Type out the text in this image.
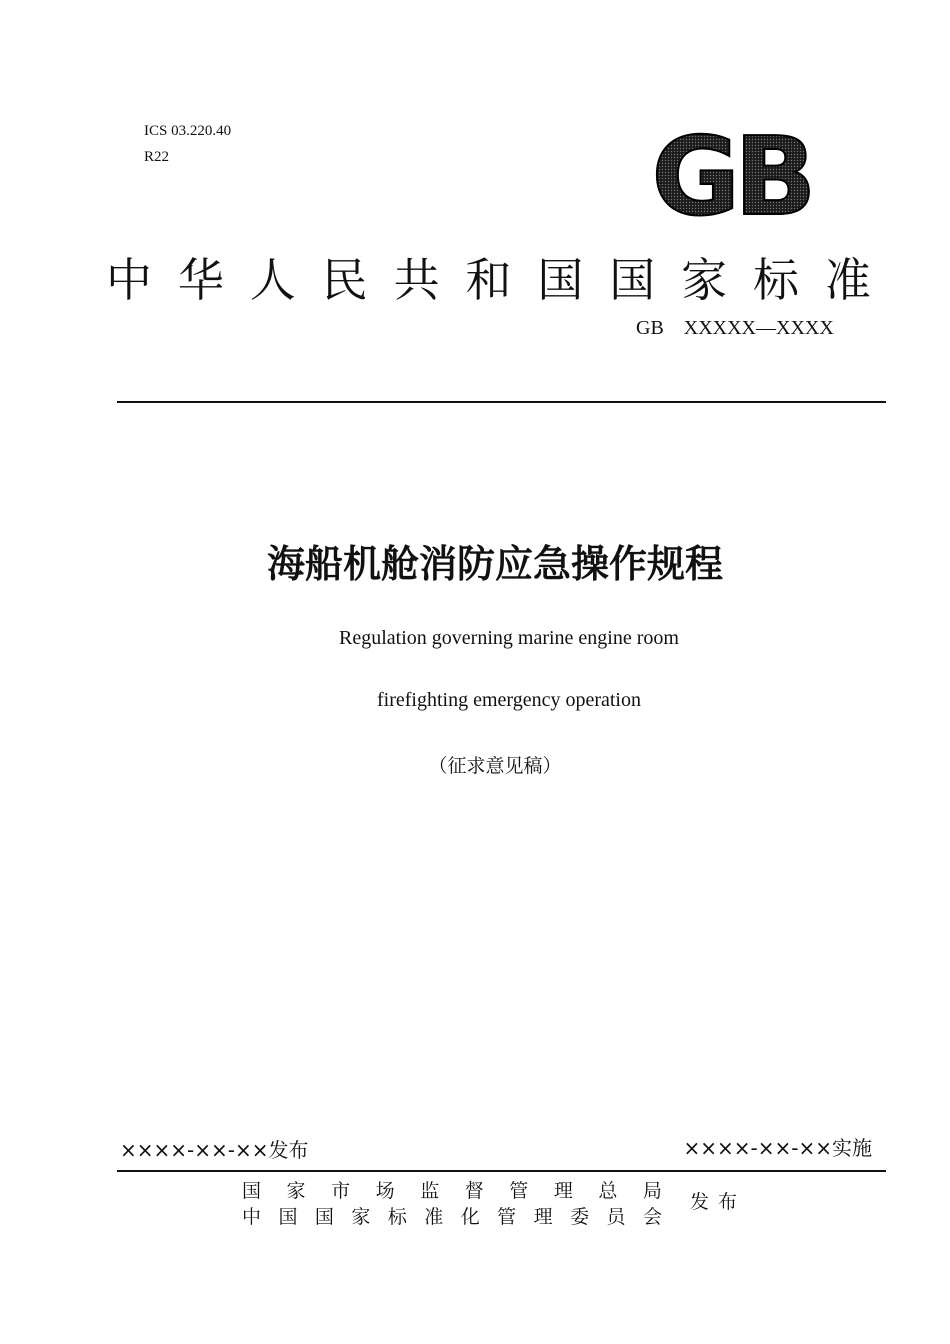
ICS 03.220.40
R22	GB
中 华 人 民 共 和 国 国 家 标 准
GB    XXXXX—XXXX
海船机舱消防应急操作规程
Regulation governing marine engine room
firefighting emergency operation
（征求意见稿）
××××-××-××发布	××××-××-××实施
国 家 市 场 监 督 管 理 总 局
中 国 国 家 标 准 化 管 理 委 员 会
发布
